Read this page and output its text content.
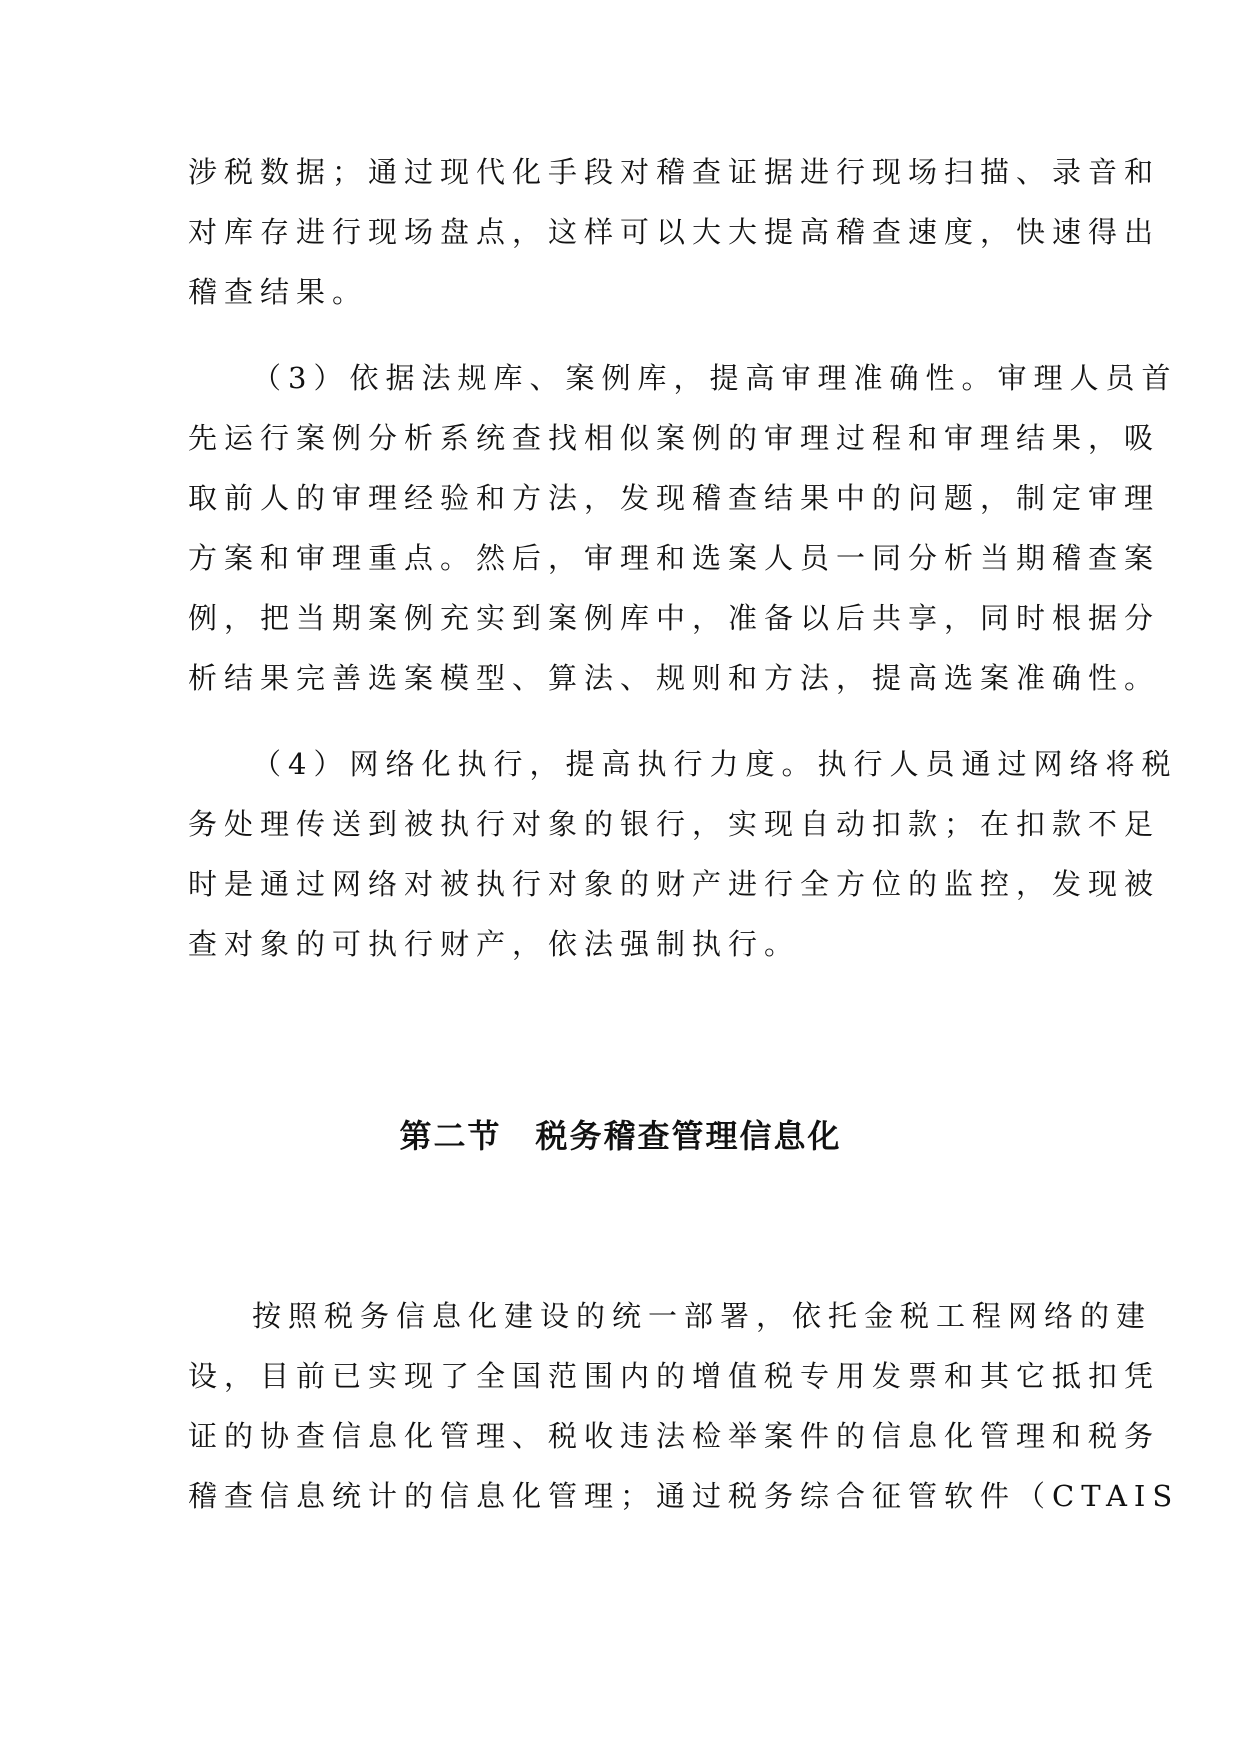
涉税数据；通过现代化手段对稽查证据进行现场扫描、录音和
对库存进行现场盘点，这样可以大大提高稽查速度，快速得出
稽查结果。
（3）依据法规库、案例库，提高审理准确性。审理人员首
先运行案例分析系统查找相似案例的审理过程和审理结果，吸
取前人的审理经验和方法，发现稽查结果中的问题，制定审理
方案和审理重点。然后，审理和选案人员一同分析当期稽查案
例，把当期案例充实到案例库中，准备以后共享，同时根据分
析结果完善选案模型、算法、规则和方法，提高选案准确性。
（4）网络化执行，提高执行力度。执行人员通过网络将税
务处理传送到被执行对象的银行，实现自动扣款；在扣款不足
时是通过网络对被执行对象的财产进行全方位的监控，发现被
查对象的可执行财产，依法强制执行。
第二节　税务稽查管理信息化
按照税务信息化建设的统一部署，依托金税工程网络的建
设，目前已实现了全国范围内的增值税专用发票和其它抵扣凭
证的协查信息化管理、税收违法检举案件的信息化管理和税务
稽查信息统计的信息化管理；通过税务综合征管软件（CTAIS
